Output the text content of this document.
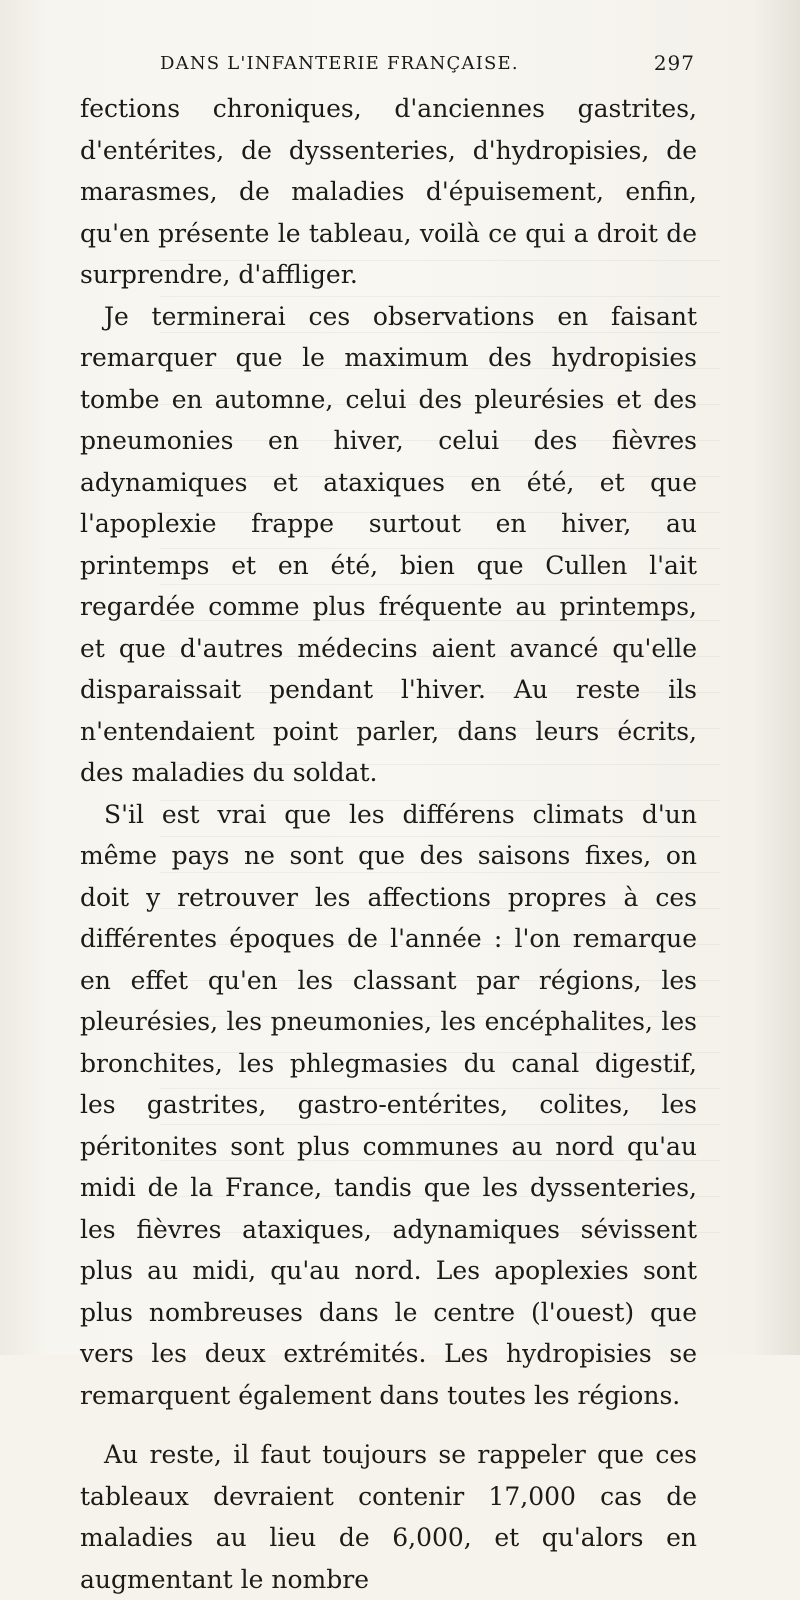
DANS L'INFANTERIE FRANÇAISE.	297

fections chroniques, d'anciennes gastrites, d'entérites, de dyssenteries, d'hydropisies, de marasmes, de maladies d'épuisement, enfin, qu'en présente le tableau, voilà ce qui a droit de surprendre, d'affliger.

Je terminerai ces observations en faisant remarquer que le maximum des hydropisies tombe en automne, celui des pleurésies et des pneumonies en hiver, celui des fièvres adynamiques et ataxiques en été, et que l'apoplexie frappe surtout en hiver, au printemps et en été, bien que Cullen l'ait regardée comme plus fréquente au printemps, et que d'autres médecins aient avancé qu'elle disparaissait pendant l'hiver. Au reste ils n'entendaient point parler, dans leurs écrits, des maladies du soldat.

S'il est vrai que les différens climats d'un même pays ne sont que des saisons fixes, on doit y retrouver les affections propres à ces différentes époques de l'année : l'on remarque en effet qu'en les classant par régions, les pleurésies, les pneumonies, les encéphalites, les bronchites, les phlegmasies du canal digestif, les gastrites, gastro-entérites, colites, les péritonites sont plus communes au nord qu'au midi de la France, tandis que les dyssenteries, les fièvres ataxiques, adynamiques sévissent plus au midi, qu'au nord. Les apoplexies sont plus nombreuses dans le centre (l'ouest) que vers les deux extrémités. Les hydropisies se remarquent également dans toutes les régions.

Au reste, il faut toujours se rappeler que ces tableaux devraient contenir 17,000 cas de maladies au lieu de 6,000, et qu'alors en augmentant le nombre
